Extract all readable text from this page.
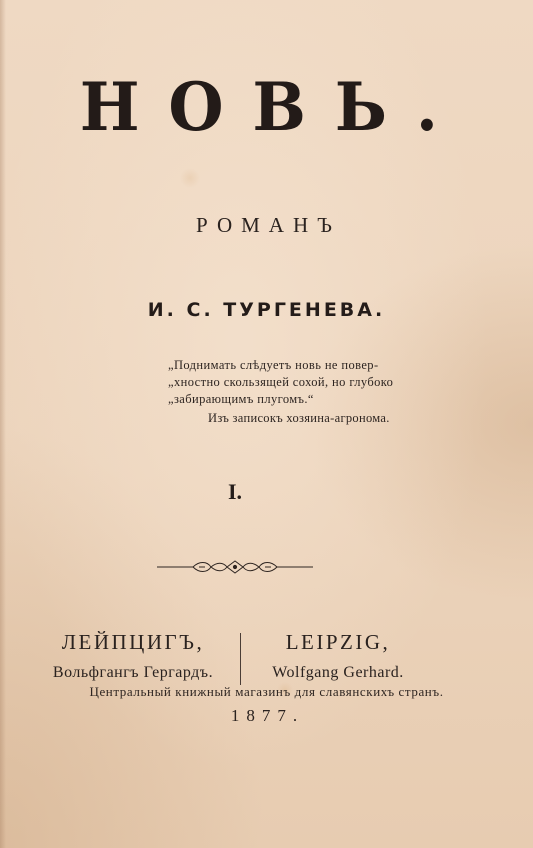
НОВЬ.
РОМАНЪ
И. С. ТУРГЕНЕВА.
„Поднимать слѣдуетъ новь не повер-
„хностно скользящей сохой, но глубоко
„забирающимъ плугомъ.“
Изъ записокъ хозяина-агронома.
I.
ЛЕЙПЦИГЪ,
Вольфгангъ Гергардъ.
LEIPZIG,
Wolfgang Gerhard.
Центральный книжный магазинъ для славянскихъ странъ.
1877.
